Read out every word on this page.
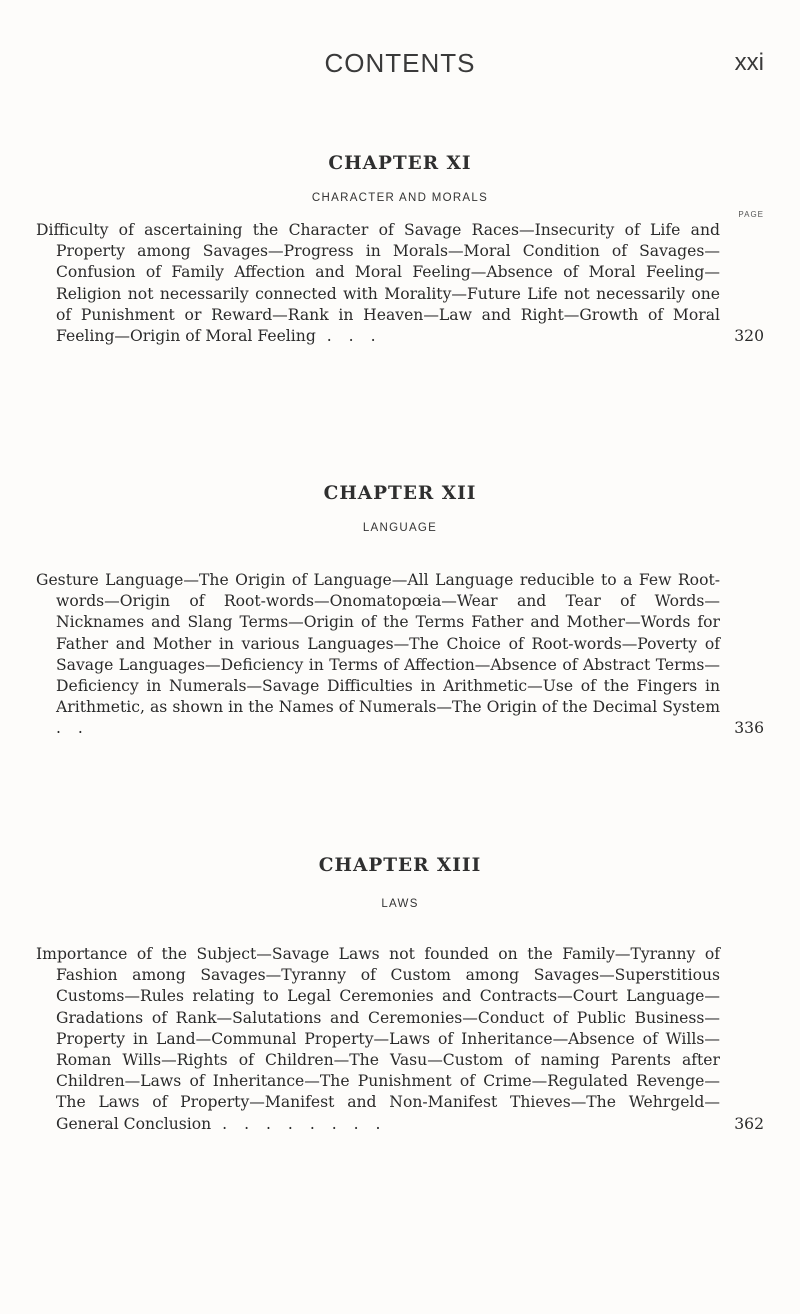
CONTENTS	xxi
CHAPTER XI

CHARACTER AND MORALS

PAGE
Difficulty of ascertaining the Character of Savage Races—Insecurity of Life and Property among Savages—Progress in Morals—Moral Condition of Savages—Confusion of Family Affection and Moral Feeling—Absence of Moral Feeling—Religion not necessarily connected with Morality—Future Life not necessarily one of Punishment or Reward—Rank in Heaven—Law and Right—Growth of Moral Feeling—Origin of Moral Feeling . . .	320
CHAPTER XII

LANGUAGE

Gesture Language—The Origin of Language—All Language reducible to a Few Root-words—Origin of Root-words—Onomatopœia—Wear and Tear of Words—Nicknames and Slang Terms—Origin of the Terms Father and Mother—Words for Father and Mother in various Languages—The Choice of Root-words—Poverty of Savage Languages—Deficiency in Terms of Affection—Absence of Abstract Terms—Deficiency in Numerals—Savage Difficulties in Arithmetic—Use of the Fingers in Arithmetic, as shown in the Names of Numerals—The Origin of the Decimal System . .	336
CHAPTER XIII

LAWS

Importance of the Subject—Savage Laws not founded on the Family—Tyranny of Fashion among Savages—Tyranny of Custom among Savages—Superstitious Customs—Rules relating to Legal Ceremonies and Contracts—Court Language—Gradations of Rank—Salutations and Ceremonies—Conduct of Public Business—Property in Land—Communal Property—Laws of Inheritance—Absence of Wills—Roman Wills—Rights of Children—The Vasu—Custom of naming Parents after Children—Laws of Inheritance—The Punishment of Crime—Regulated Revenge—The Laws of Property—Manifest and Non-Manifest Thieves—The Wehrgeld—General Conclusion . . . . . . . .	362
